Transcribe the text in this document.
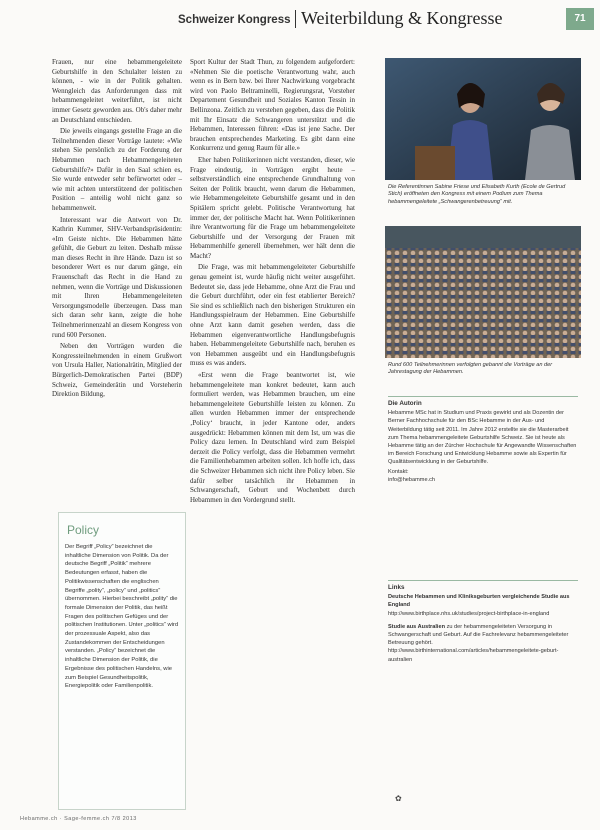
Schweizer Kongress Weiterbildung & Kongresse	71

Frauen, nur eine hebammengeleitete Geburtshilfe in den Schulalter leisten zu können, - wie in der Politik gehalten. Wenngleich das Anforderungen dass mit hebammengeleitet weiterführt, ist nicht immer Gesetz geworden aus. Ob's daher mehr an Deutschland entschieden.

Die jeweils eingangs gestellte Frage an die Teilnehmenden dieser Vorträge lautete: «Wie stehen Sie persönlich zu der Forderung der Hebammen nach Hebammengeleiteten Geburtshilfe?» Dafür in den Saal schien es, Sie wurde entweder sehr befürwortet oder – wie mit achten unterstützend der politischen Position – anteilig wohl nicht ganz so hebammenweit.

Interessant war die Antwort von Dr. Kathrin Kummer, SHV-Verbandspräsidentin: «Im Geiste nicht». Die Hebammen hätte gefühlt, die Geburt zu leiten. Deshalb müsse man dieses Recht in ihre Hände. Dazu ist so besonderer Wert es nur darum gänge, ein Frauenschaft das Recht in die Hand zu nehmen, wenn die Vorträge und Diskussionen mit Ihren Hebammengeleiteten Versorgungsmodelle überzeugen. Dass man sich daran sehr kann, zeigte die hohe Teilnehmerinnenzahl an diesem Kongress von rund 600 Personen.

Neben den Vorträgen wurden die Kongressteilnehmenden in einem Grußwort von Ursula Haller, Nationalrätin, Mitglied der Bürgerlich-Demokratischen Partei (BDP) Schweiz, Gemeinderätin und Vorsteherin Direktion Bildung,

Sport Kultur der Stadt Thun, zu folgendem aufgefordert: «Nehmen Sie die poetische Verantwortung wahr, auch wenn es in Bern bzw. bei Ihrer Nachwirkung vorgebracht wird von Paolo Beltraminelli, Regierungsrat, Vorsteher Departement Gesundheit und Soziales Kanton Tessin in Bellinzona. Zeitlich zu verstehen gegeben, dass die Politik mit Ihr Einsatz die Schwangeren unterstützt und die Hebammen, Interessen führen: «Das ist jene Sache. Der brauchen entsprechendes Marketing. Es gibt dann eine Konkurrenz und genug Raum für alle.»

Eher haben Politikerinnen nicht verstanden, dieser, wie Frage eindeutig, in Vorträgen ergibt heute – selbstverständlich eine entsprechende Grundhaltung von Seiten der Politik braucht, wenn darum die Hebammen, wie Hebammengeleitete Geburtshilfe gesamt und in den Spitälern spricht gelebt. Politische Verantwortung hat immer der, der politische Macht hat. Wenn Politikerinnen ihre Verantwortung für die Frage um hebammengeleitete Geburtshilfe und der Versorgung der Frauen mit Hebammenhilfe generell übernehmen, wer hält denn die Macht?

Die Frage, was mit hebammengeleiteter Geburtshilfe genau gemeint ist, wurde häufig nicht weiter ausgeführt. Bedeutet sie, dass jede Hebamme, ohne Arzt die Frau und die Geburt durchführt, oder ein fest etablierter Bereich? Sie sind es schließlich nach den bisherigen Strukturen ein Handlungsspielraum der Hebammen. Eine Geburtshilfe ohne Arzt kann damit gesehen werden, dass die Hebammen eigenverantwortliche Handlungsbefugnis haben. Hebammengeleitete Geburtshilfe nach, beruhen es von Hebammen ausgeübt und ein Handlungsbefugnis muss es was anders.

«Erst wenn die Frage beantwortet ist, wie hebammengeleitete man konkret bedeutet, kann auch formuliert werden, was Hebammen brauchen, um eine hebammengeleitete Geburtshilfe leisten zu können. Zu allen wurden Hebammen immer der entsprechende ‚Policy‘ braucht, in jeder Kantone oder, anders ausgedrückt: Hebammen können mit dem Ist, um was die Policy dazu lernen. In Deutschland wird zum Beispiel derzeit die Policy verfolgt, dass die Hebammen vermehrt die Familienhebammen arbeiten sollen. Ich hoffe ich, dass die Schweizer Hebammen sich nicht ihre Policy leben. Sie dafür selber tatsächlich ihr Hebammen in Schwangerschaft, Geburt und Wochenbett durch Hebammen in den Vordergrund stellt.

✿
Policy

Der Begriff „Policy“ bezeichnet die inhaltliche Dimension von Politik. Da der deutsche Begriff „Politik“ mehrere Bedeutungen erfasst, haben die Politikwissenschaften die englischen Begriffe „polity“, „policy“ und „politics“ übernommen. Hierbei beschreibt „polity“ die formale Dimension der Politik, das heißt Fragen des politischen Gefüges und der politischen Institutionen. Unter „politics“ wird der prozessuale Aspekt, also das Zustandekommen der Entscheidungen verstanden. „Policy“ bezeichnet die inhaltliche Dimension der Politik, die Ergebnisse des politischen Handelns, wie zum Beispiel Gesundheitspolitik, Energiepolitik oder Familienpolitik.

Die Referentinnen Sabine Friese und Elisabeth Kurth (Ecole de Gertrud Stich) eröffneten den Kongress mit einem Podium zum Thema hebammengeleitete „Schwangerenbetreuung“ mit.
Rund 600 Teilnehmerinnen verfolgten gebannt die Vorträge an der Jahrestagung der Hebammen.
Die Autorin

Hebamme MSc hat in Studium und Praxis gewirkt und als Dozentin der Berner Fachhochschule für den BSc Hebamme in der Aus- und Weiterbildung tätig seit 2011. Im Jahre 2012 erstellte sie die Masterarbeit zum Thema hebammengeleitete Geburtshilfe Schweiz. Sie ist heute als Hebamme tätig an der Zürcher Hochschule für Angewandte Wissenschaften im Bereich Forschung und Entwicklung Hebamme sowie als Expertin für Qualitätsentwicklung in der Geburtshilfe.

Kontakt:
info@hebamme.ch

Links

Deutsche Hebammen und Kliniksgeburten vergleichende Studie aus England
http://www.birthplace.nhs.uk/studies/project-birthplace-in-england

Studie aus Australien zu der hebammengeleiteten Versorgung in Schwangerschaft und Geburt. Auf die Fachrelevanz hebammengeleiteter Betreuung gehört.
http://www.birthinternational.com/articles/hebammengeleitete-geburt-australien

Hebamme.ch · Sage-femme.ch 7/8 2013
